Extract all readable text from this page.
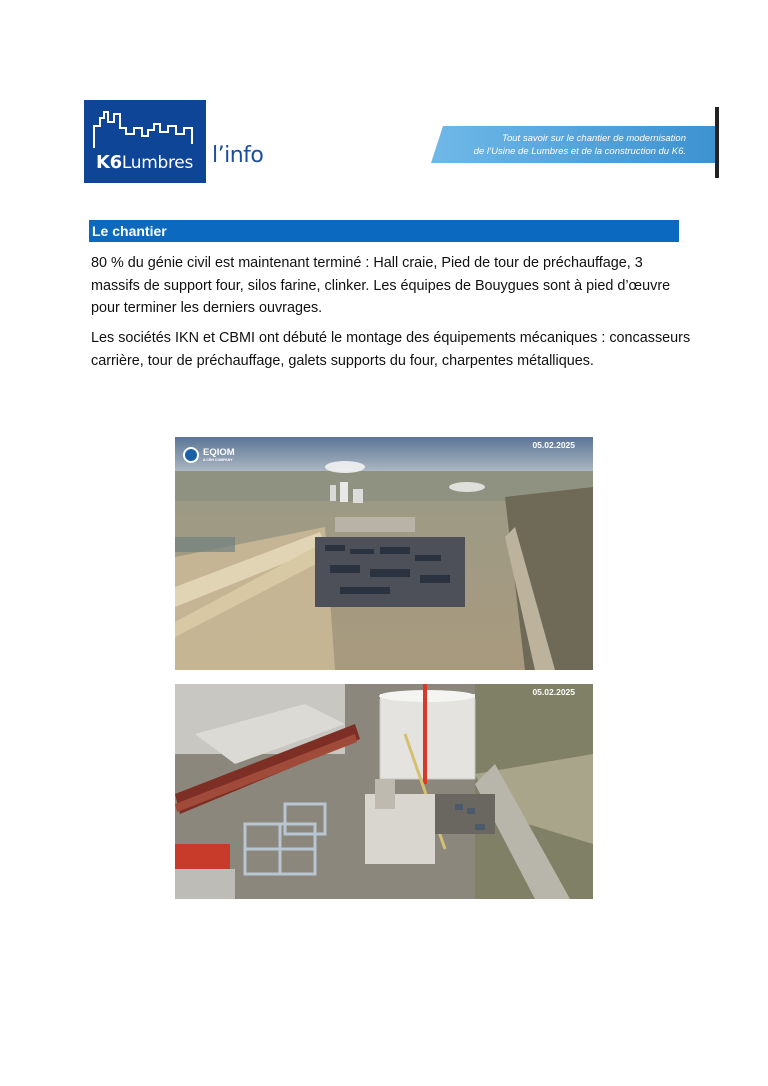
K6Lumbres l’info
Tout savoir sur le chantier de modernisation
de l’Usine de Lumbres et de la construction du K6.
Le chantier
80 % du génie civil est maintenant terminé : Hall craie, Pied de tour de préchauffage, 3 massifs de support four, silos farine, clinker. Les équipes de Bouygues sont à pied d’œuvre pour terminer les derniers ouvrages.
Les sociétés IKN et CBMI ont débuté le montage des équipements mécaniques : concasseurs carrière, tour de préchauffage, galets supports du four, charpentes métalliques.
EQIOM
A CRH COMPANY
05.02.2025
05.02.2025
